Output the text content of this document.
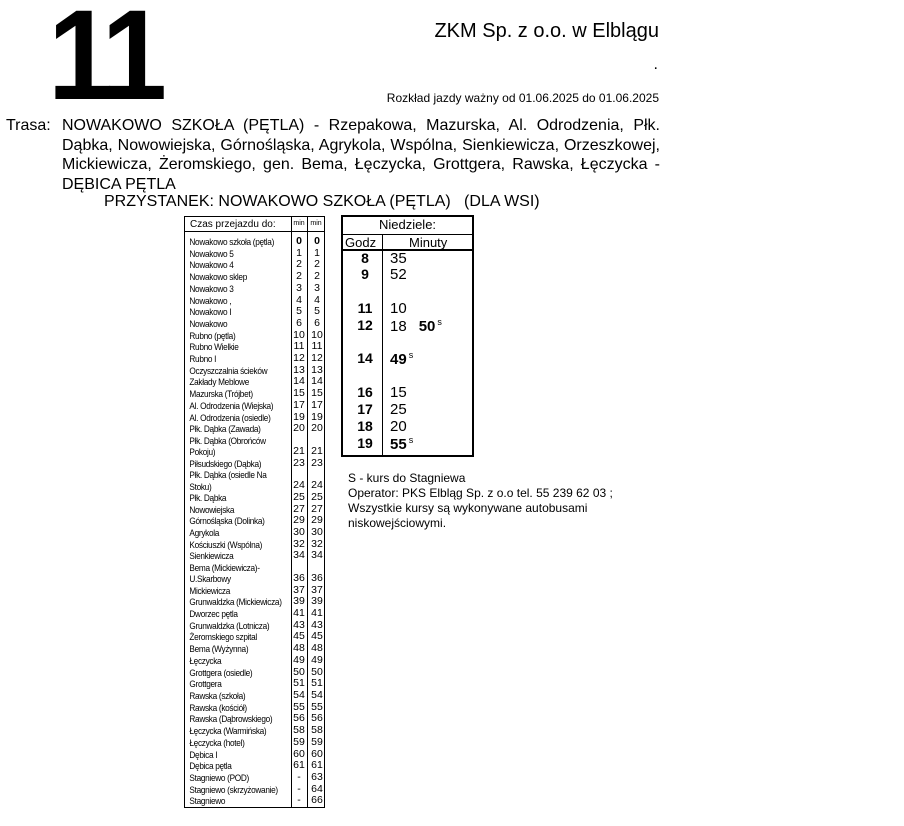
11	ZKM Sp. z o.o. w Elblągu
.
Rozkład jazdy ważny od 01.06.2025 do 01.06.2025
Trasa: NOWAKOWO SZKOŁA (PĘTLA) - Rzepakowa, Mazurska, Al. Odrodzenia, Płk. Dąbka, Nowowiejska, Górnośląska, Agrykola, Wspólna, Sienkiewicza, Orzeszkowej, Mickiewicza, Żeromskiego, gen. Bema, Łęczycka, Grottgera, Rawska, Łęczycka - DĘBICA PĘTLA
PRZYSTANEK: NOWAKOWO SZKOŁA (PĘTLA)   (DLA WSI)
Czas przejazdu do:	min min
Nowakowo szkoła (pętla)	0	0
Nowakowo 5	1	1
Nowakowo 4	2	2
Nowakowo sklep	2	2
Nowakowo 3	3	3
Nowakowo ,	4	4
Nowakowo I	5	5
Nowakowo	6	6
Rubno (pętla)	10 10
Rubno Wielkie	11 11
Rubno I	12 12
Oczyszczalnia ścieków	13 13
Zakłady Meblowe	14 14
Mazurska (Trójbet)	15 15
Al. Odrodzenia (Wiejska) 17 17
Al. Odrodzenia (osiedle)	19 19
Płk. Dąbka (Zawada)	20 20
Płk. Dąbka (Obrońców Pokoju)	21 21
Piłsudskiego (Dąbka)	23 23
Płk. Dąbka (osiedle Na Stoku)	24 24
Płk. Dąbka	25 25
Nowowiejska	27 27
Górnośląska (Dolinka)	29 29
Agrykola	30 30
Kościuszki (Wspólna)	32 32
Sienkiewicza	34 34
Bema (Mickiewicza)-U.Skarbowy	36 36
Mickiewicza	37 37
Grunwaldzka (Mickiewicza) 39 39
Dworzec pętla	41 41
Grunwaldzka (Lotnicza)	43 43
Żeromskiego szpital	45 45
Bema (Wyżynna)	48 48
Łęczycka	49 49
Grottgera (osiedle)	50 50
Grottgera	51 51
Rawska (szkoła)	54 54
Rawska (kościół)	55 55
Rawska (Dąbrowskiego) 56 56
Łęczycka (Warmińska)	58 58
Łęczycka (hotel)	59 59
Dębica I	60 60
Dębica pętla	61 61
Stagniewo (POD)	- 63
Stagniewo (skrzyżowanie)	- 64
Stagniewo	- 66
Niedziele:
Godz	Minuty
8	35
9	52
11	10
12	18 50 $^s$
14	49 $^s$
16	15
17	25
18	20
19	55 $^s$
S - kurs do Stagniewa
Operator: PKS Elbląg Sp. z o.o tel. 55 239 62 03 ;
Wszystkie kursy są wykonywane autobusami
niskowejściowymi.
